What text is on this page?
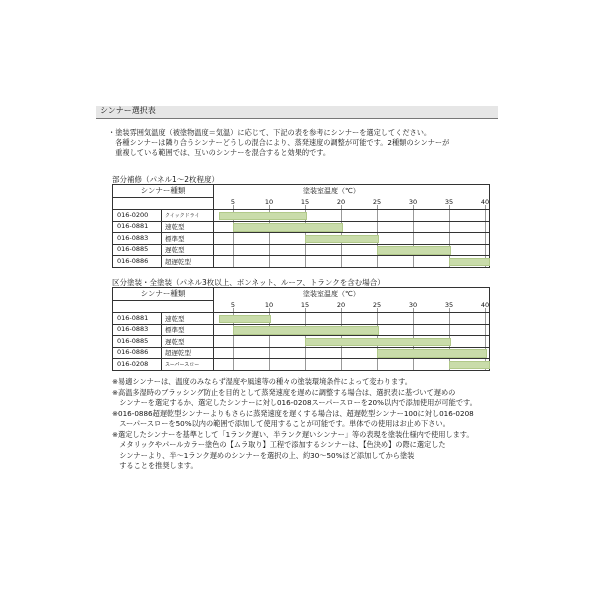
シンナー選択表
・塗装雰囲気温度（被塗物温度＝気温）に応じて、下記の表を参考にシンナーを選定してください。
　各種シンナーは隣り合うシンナーどうしの混合により、蒸発速度の調整が可能です。2種類のシンナーが
　重複している範囲では、互いのシンナーを混合すると効果的です。
部分補修（パネル1～2枚程度）
シンナー種類	塗装室温度（℃）
5	10	15	20	25	30	35	40
016-0200	クイックドライ
016-0881	速乾型
016-0883	標準型
016-0885	遅乾型
016-0886	超遅乾型
区分塗装・全塗装（パネル3枚以上、ボンネット、ルーフ、トランクを含む場合）
シンナー種類	塗装室温度（℃）
5	10	15	20	25	30	35	40
016-0881	速乾型
016-0883	標準型
016-0885	遅乾型
016-0886	超遅乾型
016-0208	スーパースロー
※易適シンナーは、温度のみならず湿度や風速等の種々の塗装環境条件によって変わります。
※高温多湿時のブラッシング防止を目的として蒸発速度を遅めに調整する場合は、選択表に基づいて遅めの
　シンナーを選定するか、選定したシンナーに対し016-0208スーパースローを20%以内で添加使用が可能です。
※016-0886超遅乾型シンナーよりもさらに蒸発速度を遅くする場合は、超遅乾型シンナー100に対し016-0208
　スーパースローを50%以内の範囲で添加して使用することが可能です。単体での使用はお止め下さい。
※選定したシンナーを基準として「1ランク遅い、半ランク遅いシンナー」等の表現を塗装仕様内で使用します。
　メタリックやパールカラー塗色の【ムラ取り】工程で添加するシンナーは、【色決め】の際に選定した
　シンナーより、半～1ランク遅めのシンナーを選択の上、約30～50%ほど添加してから塗装
　することを推奨します。
